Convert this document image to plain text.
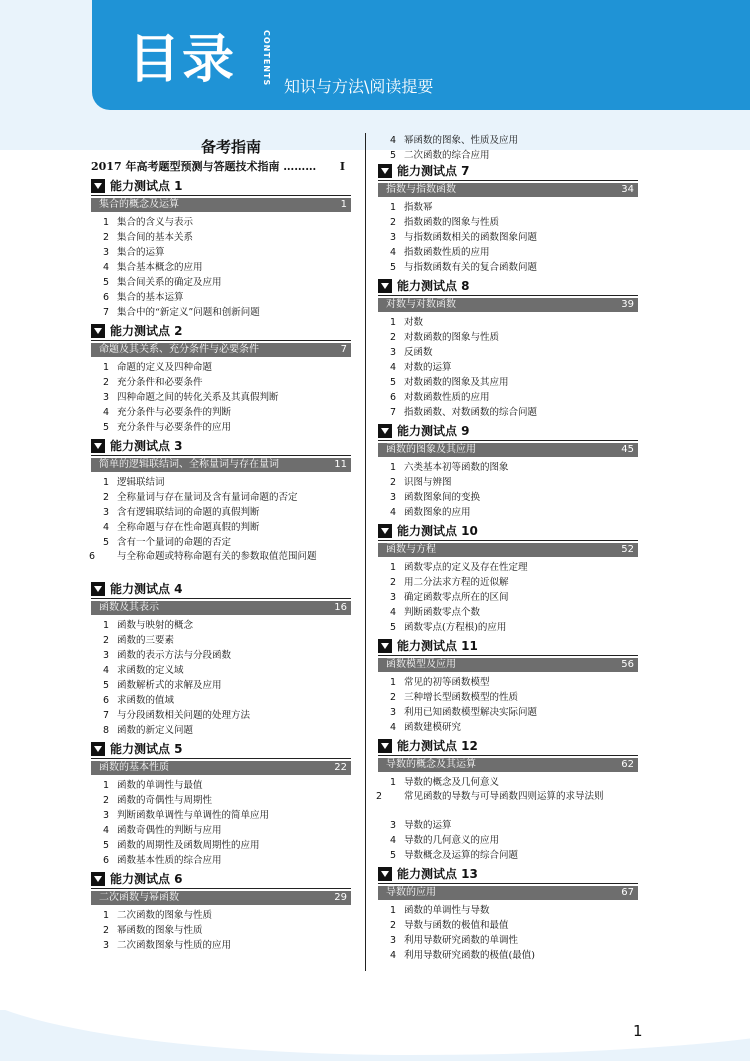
目录	CONTENTS
知识与方法\阅读提要
备考指南
2017 年高考题型预测与答题技术指南 ……… I
能力测试点 1
集合的概念及运算	1
1 集合的含义与表示
2 集合间的基本关系
3 集合的运算
4 集合基本概念的应用
5 集合间关系的确定及应用
6 集合的基本运算
7 集合中的“新定义”问题和创新问题
能力测试点 2
命题及其关系、充分条件与必要条件	7
1 命题的定义及四种命题
2 充分条件和必要条件
3 四种命题之间的转化关系及其真假判断
4 充分条件与必要条件的判断
5 充分条件与必要条件的应用
能力测试点 3
简单的逻辑联结词、全称量词与存在量词	11
1 逻辑联结词
2 全称量词与存在量词及含有量词命题的否定
3 含有逻辑联结词的命题的真假判断
4 全称命题与存在性命题真假的判断
5 含有一个量词的命题的否定
6 与全称命题或特称命题有关的参数取值范围问题
能力测试点 4
函数及其表示	16
1 函数与映射的概念
2 函数的三要素
3 函数的表示方法与分段函数
4 求函数的定义域
5 函数解析式的求解及应用
6 求函数的值域
7 与分段函数相关问题的处理方法
8 函数的新定义问题
能力测试点 5
函数的基本性质	22
1 函数的单调性与最值
2 函数的奇偶性与周期性
3 判断函数单调性与单调性的简单应用
4 函数奇偶性的判断与应用
5 函数的周期性及函数周期性的应用
6 函数基本性质的综合应用
能力测试点 6
二次函数与幂函数	29
1 二次函数的图象与性质
2 幂函数的图象与性质
3 二次函数图象与性质的应用
4 幂函数的图象、性质及应用
5 二次函数的综合应用
能力测试点 7
指数与指数函数	34
1 指数幂
2 指数函数的图象与性质
3 与指数函数相关的函数图象问题
4 指数函数性质的应用
5 与指数函数有关的复合函数问题
能力测试点 8
对数与对数函数	39
1 对数
2 对数函数的图象与性质
3 反函数
4 对数的运算
5 对数函数的图象及其应用
6 对数函数性质的应用
7 指数函数、对数函数的综合问题
能力测试点 9
函数的图象及其应用	45
1 六类基本初等函数的图象
2 识图与辨图
3 函数图象间的变换
4 函数图象的应用
能力测试点 10
函数与方程	52
1 函数零点的定义及存在性定理
2 用二分法求方程的近似解
3 确定函数零点所在的区间
4 判断函数零点个数
5 函数零点(方程根)的应用
能力测试点 11
函数模型及应用	56
1 常见的初等函数模型
2 三种增长型函数模型的性质
3 利用已知函数模型解决实际问题
4 函数建模研究
能力测试点 12
导数的概念及其运算	62
1 导数的概念及几何意义
2 常见函数的导数与可导函数四则运算的求导法则
3 导数的运算
4 导数的几何意义的应用
5 导数概念及运算的综合问题
能力测试点 13
导数的应用	67
1 函数的单调性与导数
2 导数与函数的极值和最值
3 利用导数研究函数的单调性
4 利用导数研究函数的极值(最值)
1
